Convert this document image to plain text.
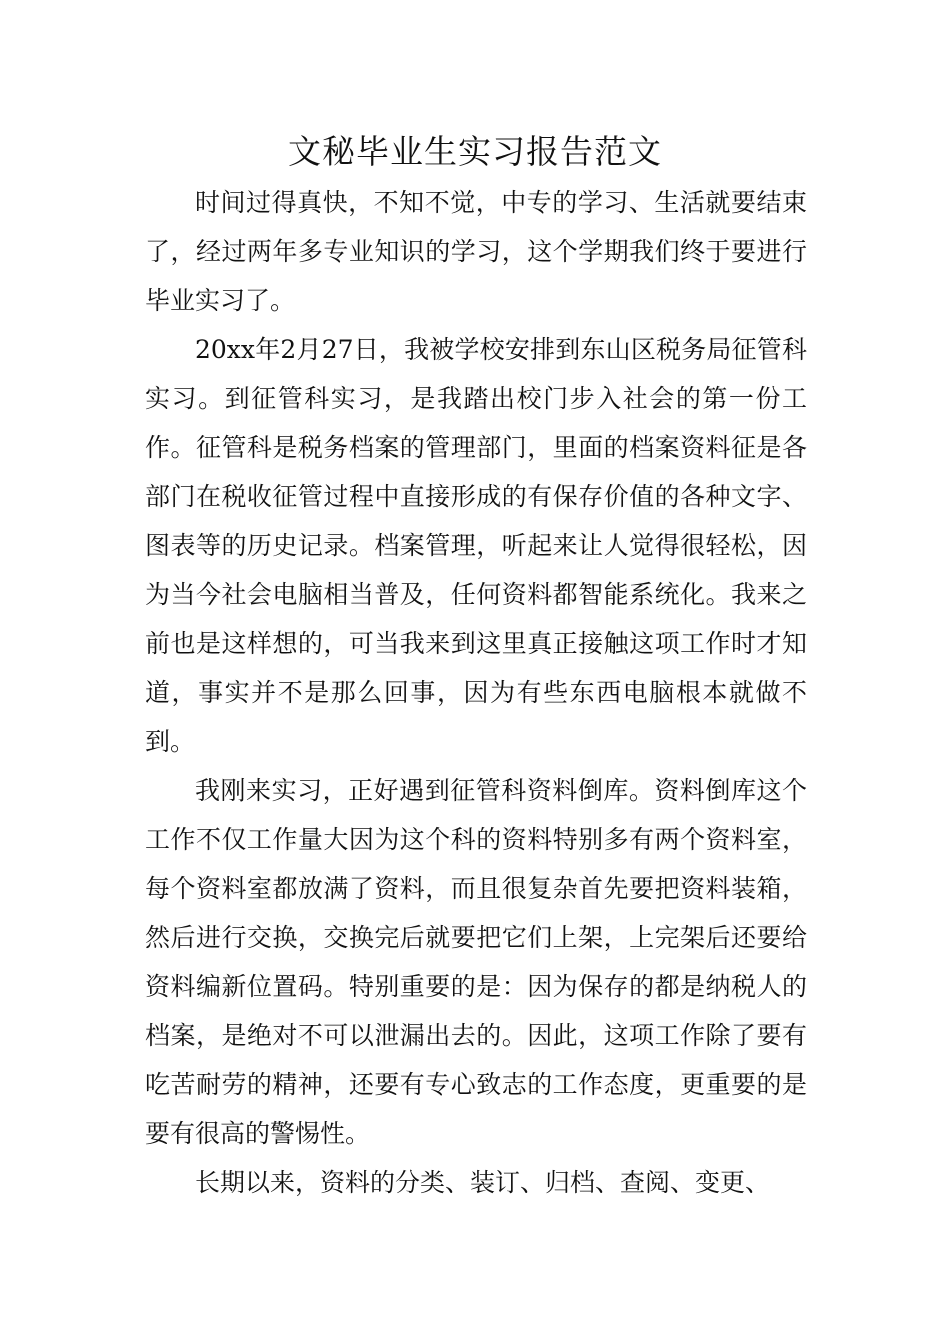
文秘毕业生实习报告范文

时间过得真快，不知不觉，中专的学习、生活就要结束了，经过两年多专业知识的学习，这个学期我们终于要进行毕业实习了。

20xx年2月27日，我被学校安排到东山区税务局征管科实习。到征管科实习，是我踏出校门步入社会的第一份工作。征管科是税务档案的管理部门，里面的档案资料征是各部门在税收征管过程中直接形成的有保存价值的各种文字、图表等的历史记录。档案管理，听起来让人觉得很轻松，因为当今社会电脑相当普及，任何资料都智能系统化。我来之前也是这样想的，可当我来到这里真正接触这项工作时才知道，事实并不是那么回事，因为有些东西电脑根本就做不到。

我刚来实习，正好遇到征管科资料倒库。资料倒库这个工作不仅工作量大因为这个科的资料特别多有两个资料室，每个资料室都放满了资料，而且很复杂首先要把资料装箱，然后进行交换，交换完后就要把它们上架，上完架后还要给资料编新位置码。特别重要的是：因为保存的都是纳税人的档案，是绝对不可以泄漏出去的。因此，这项工作除了要有吃苦耐劳的精神，还要有专心致志的工作态度，更重要的是要有很高的警惕性。

长期以来，资料的分类、装订、归档、查阅、变更、
